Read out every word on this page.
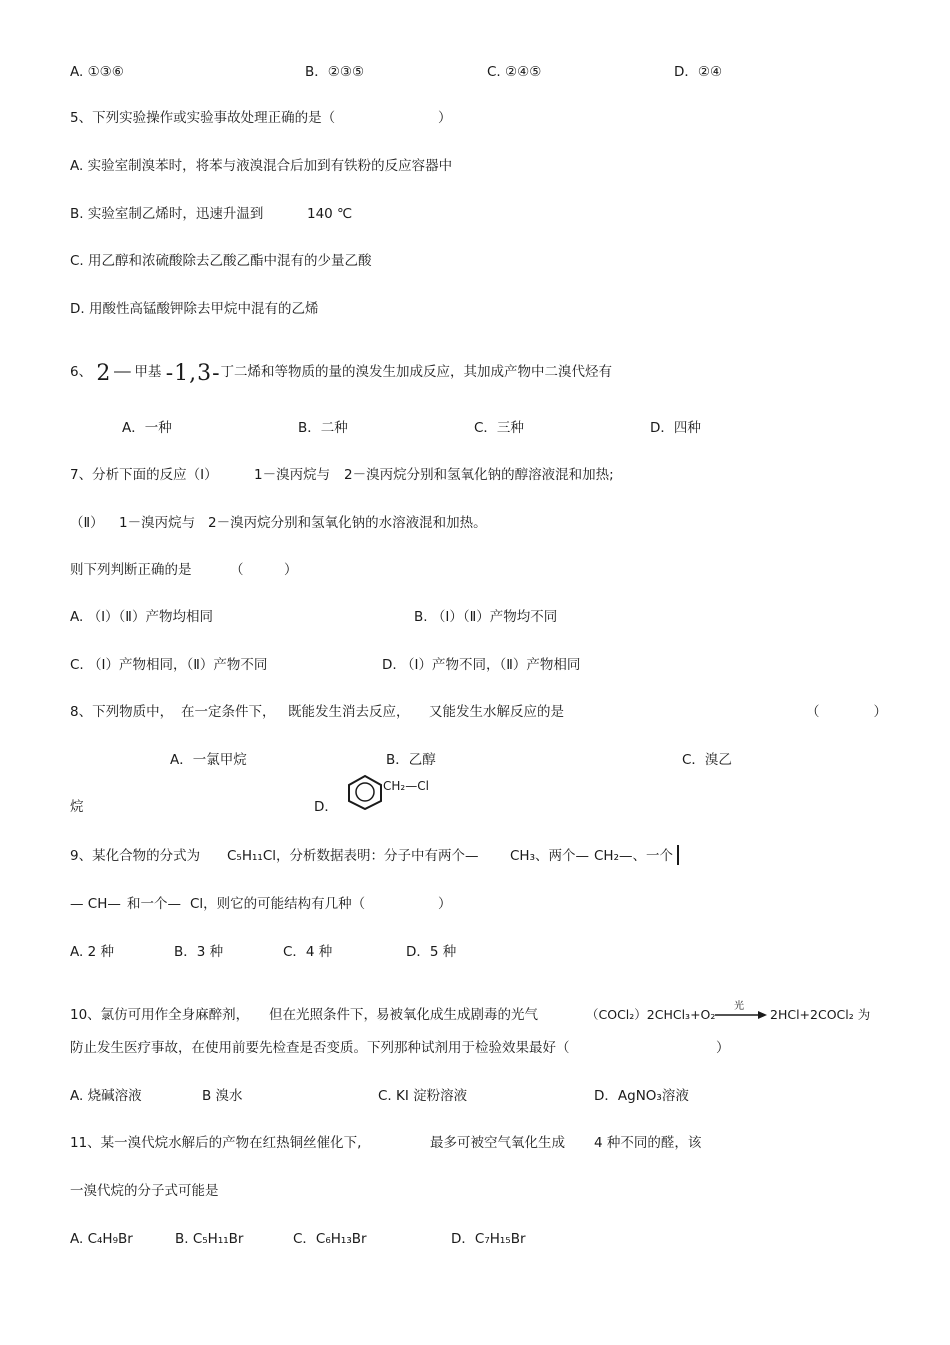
A. ①③⑥	B．②③⑤	C. ②④⑤	D．②④
5、下列实验操作或实验事故处理正确的是（	）
A. 实验室制溴苯时，将苯与液溴混合后加到有铁粉的反应容器中
B. 实验室制乙烯时，迅速升温到	140 ℃
C. 用乙醇和浓硫酸除去乙酸乙酯中混有的少量乙酸
D. 用酸性高锰酸钾除去甲烷中混有的乙烯
6、 2－甲基 -1,3-丁二烯和等物质的量的溴发生加成反应，其加成产物中二溴代烃有
A．一种	B．二种	C．三种	D．四种
7、分析下面的反应（Ⅰ）	1－溴丙烷与 2－溴丙烷分别和氢氧化钠的醇溶液混和加热;
（Ⅱ） 1－溴丙烷与 2－溴丙烷分别和氢氧化钠的水溶液混和加热。
则下列判断正确的是	（　　　）
A. （Ⅰ）（Ⅱ）产物均相同	B. （Ⅰ）（Ⅱ）产物均不同
C. （Ⅰ）产物相同，（Ⅱ）产物不同	D. （Ⅰ）产物不同，（Ⅱ）产物相同
8、下列物质中， 在一定条件下， 既能发生消去反应， 又能发生水解反应的是	（　　　　）
A．一氯甲烷	B．乙醇	C．溴乙
烷	D．
CH₂—Cl
9、某化合物的分式为 C₅H₁₁Cl，分析数据表明：分子中有两个— CH₃、两个— CH₂—、一个
— CH— 和一个— Cl，则它的可能结构有几种（	）
A. 2 种	B．3 种	C．4 种	D．5 种
10、氯仿可用作全身麻醉剂， 但在光照条件下， 易被氧化成生成剧毒的光气	（COCl₂）2CHCl₃+O₂
光
2HCl+2COCl₂ 为
防止发生医疗事故，在使用前要先检查是否变质。下列那种试剂用于检验效果最好（	）
A. 烧碱溶液	B 溴水	C. KI 淀粉溶液	D．AgNO₃溶液
11、某一溴代烷水解后的产物在红热铜丝催化下,	最多可被空气氧化生成 4 种不同的醛，该
一溴代烷的分子式可能是
A. C₄H₉Br	B. C₅H₁₁Br	C．C₆H₁₃Br	D．C₇H₁₅Br
